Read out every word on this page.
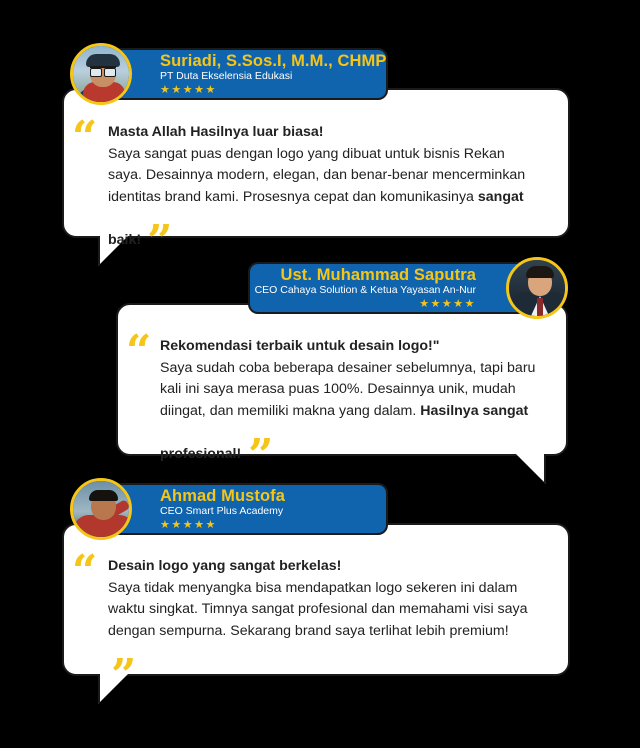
Suriadi, S.Sos.I, M.M., CHMP
PT Duta Ekselensia Edukasi
★★★★★
“ Masta Allah Hasilnya luar biasa!
Saya sangat puas dengan logo yang dibuat untuk bisnis Rekan saya. Desainnya modern, elegan, dan benar-benar mencerminkan identitas brand kami. Prosesnya cepat dan komunikasinya sangat baik! ”
Ust. Muhammad Saputra
CEO Cahaya Solution & Ketua Yayasan An-Nur
★★★★★
“ Rekomendasi terbaik untuk desain logo!"
Saya sudah coba beberapa desainer sebelumnya, tapi baru kali ini saya merasa puas 100%. Desainnya unik, mudah diingat, dan memiliki makna yang dalam. Hasilnya sangat profesional! ”
Ahmad Mustofa
CEO Smart Plus Academy
★★★★★
“ Desain logo yang sangat berkelas!
Saya tidak menyangka bisa mendapatkan logo sekeren ini dalam waktu singkat. Timnya sangat profesional dan memahami visi saya dengan sempurna. Sekarang brand saya terlihat lebih premium! ”
